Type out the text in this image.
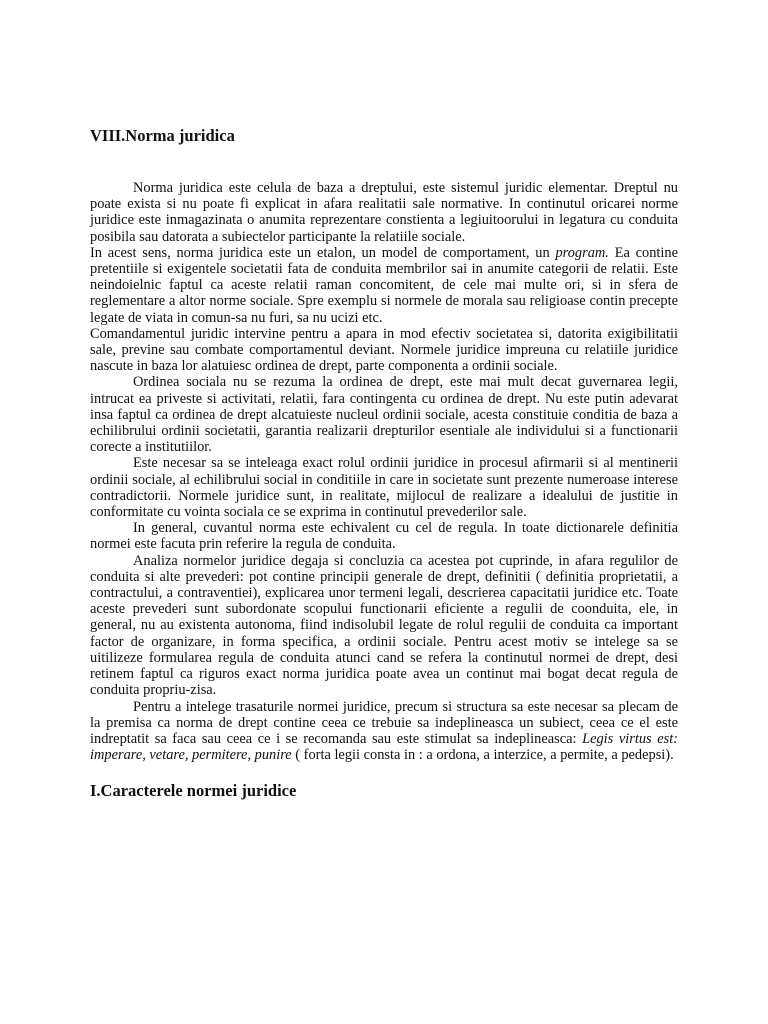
VIII.Norma juridica

Norma juridica este celula de baza a dreptului, este sistemul juridic elementar. Dreptul nu poate exista si nu poate fi explicat in afara realitatii sale normative. In continutul oricarei norme juridice este inmagazinata o anumita reprezentare constienta a legiuitoorului in legatura cu conduita posibila sau datorata a subiectelor participante la relatiile sociale.

In acest sens, norma juridica este un etalon, un model de comportament, un program. Ea contine pretentiile si exigentele societatii fata de conduita membrilor sai in anumite categorii de relatii. Este neindoielnic faptul ca aceste relatii raman concomitent, de cele mai multe ori, si in sfera de reglementare a altor norme sociale. Spre exemplu si normele de morala sau religioase contin precepte legate de viata in comun-sa nu furi, sa nu ucizi etc.

Comandamentul juridic intervine pentru a apara in mod efectiv societatea si, datorita exigibilitatii sale, previne sau combate comportamentul deviant. Normele juridice impreuna cu relatiile juridice nascute in baza lor alatuiesc ordinea de drept, parte componenta a ordinii sociale.

Ordinea sociala nu se rezuma la ordinea de drept, este mai mult decat guvernarea legii, intrucat ea priveste si activitati, relatii, fara contingenta cu ordinea de drept. Nu este putin adevarat insa faptul ca ordinea de drept alcatuieste nucleul ordinii sociale, acesta constituie conditia de baza a echilibrului ordinii societatii, garantia realizarii drepturilor esentiale ale individului si a functionarii corecte a institutiilor.

Este necesar sa se inteleaga exact rolul ordinii juridice in procesul afirmarii si al mentinerii ordinii sociale, al echilibrului social in conditiile in care in societate sunt prezente numeroase interese contradictorii. Normele juridice sunt, in realitate, mijlocul de realizare a idealului de justitie in conformitate cu vointa sociala ce se exprima in continutul prevederilor sale.

In general, cuvantul norma este echivalent cu cel de regula. In toate dictionarele definitia normei este facuta prin referire la regula de conduita.

Analiza normelor juridice degaja si concluzia ca acestea pot cuprinde, in afara regulilor de conduita si alte prevederi: pot contine principii generale de drept, definitii ( definitia proprietatii, a contractului, a contraventiei), explicarea unor termeni legali, descrierea capacitatii juridice etc. Toate aceste prevederi sunt subordonate scopului functionarii eficiente a regulii de coonduita, ele, in general, nu au existenta autonoma, fiind indisolubil legate de rolul regulii de conduita ca important factor de organizare, in forma specifica, a ordinii sociale. Pentru acest motiv se intelege sa se uitilizeze formularea regula de conduita atunci cand se refera la continutul normei de drept, desi retinem faptul ca riguros exact norma juridica poate avea un continut mai bogat decat regula de conduita propriu-zisa.

Pentru a intelege trasaturile normei juridice, precum si structura sa este necesar sa plecam de la premisa ca norma de drept contine ceea ce trebuie sa indeplineasca un subiect, ceea ce el este indreptatit sa faca sau ceea ce i se recomanda sau este stimulat sa indeplineasca: Legis virtus est: imperare, vetare, permitere, punire ( forta legii consta in : a ordona, a interzice, a permite, a pedepsi).

I.Caracterele normei juridice
